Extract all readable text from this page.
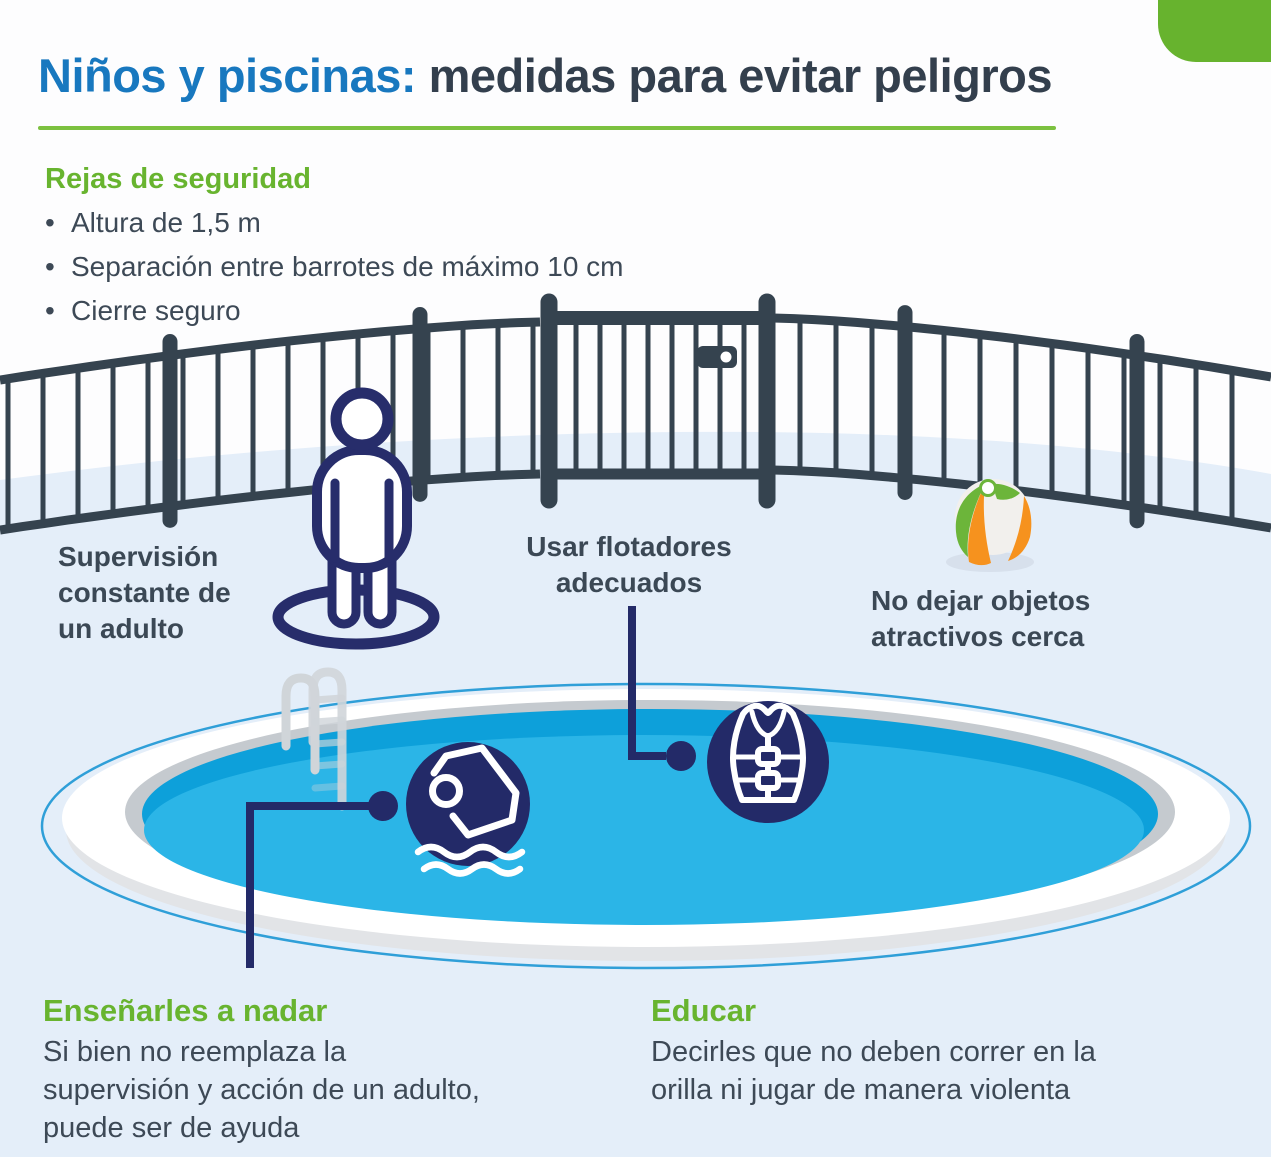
Niños y piscinas: medidas para evitar peligros
Rejas de seguridad
• Altura de 1,5 m
• Separación entre barrotes de máximo 10 cm
• Cierre seguro
Supervisión
constante de
un adulto
Usar flotadores
adecuados
No dejar objetos
atractivos cerca
Enseñarles a nadar
Si bien no reemplaza la
supervisión y acción de un adulto,
puede ser de ayuda
Educar
Decirles que no deben correr en la
orilla ni jugar de manera violenta
